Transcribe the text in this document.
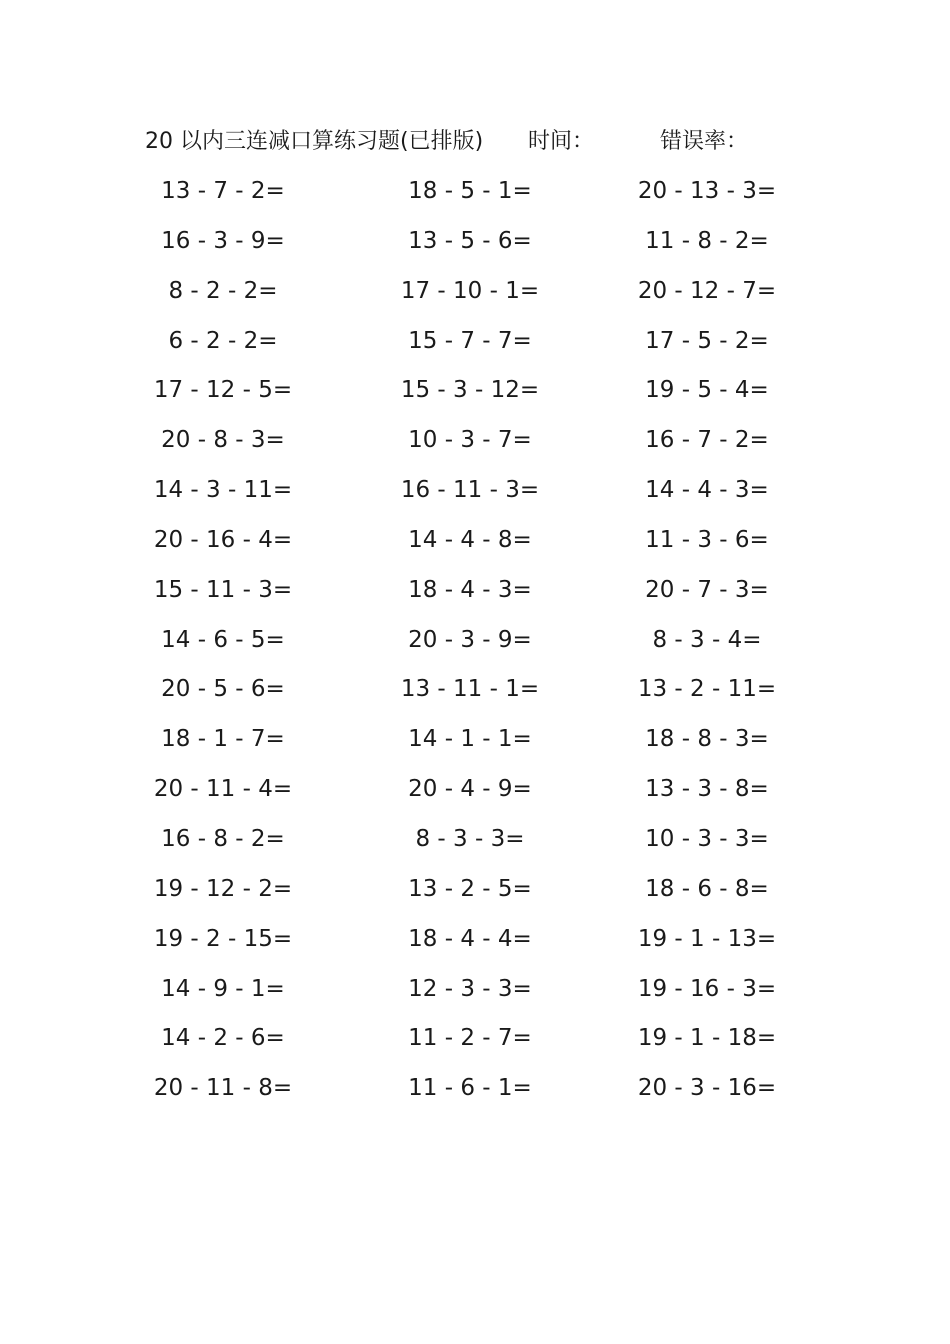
20 以内三连减口算练习题(已排版) 时间：	错误率：
13 - 7 - 2=	18 - 5 - 1=	20 - 13 - 3=
16 - 3 - 9=	13 - 5 - 6=	11 - 8 - 2=
8 - 2 - 2=	17 - 10 - 1=	20 - 12 - 7=
6 - 2 - 2=	15 - 7 - 7=	17 - 5 - 2=
17 - 12 - 5=	15 - 3 - 12=	19 - 5 - 4=
20 - 8 - 3=	10 - 3 - 7=	16 - 7 - 2=
14 - 3 - 11=	16 - 11 - 3=	14 - 4 - 3=
20 - 16 - 4=	14 - 4 - 8=	11 - 3 - 6=
15 - 11 - 3=	18 - 4 - 3=	20 - 7 - 3=
14 - 6 - 5=	20 - 3 - 9=	8 - 3 - 4=
20 - 5 - 6=	13 - 11 - 1=	13 - 2 - 11=
18 - 1 - 7=	14 - 1 - 1=	18 - 8 - 3=
20 - 11 - 4=	20 - 4 - 9=	13 - 3 - 8=
16 - 8 - 2=	8 - 3 - 3=	10 - 3 - 3=
19 - 12 - 2=	13 - 2 - 5=	18 - 6 - 8=
19 - 2 - 15=	18 - 4 - 4=	19 - 1 - 13=
14 - 9 - 1=	12 - 3 - 3=	19 - 16 - 3=
14 - 2 - 6=	11 - 2 - 7=	19 - 1 - 18=
20 - 11 - 8=	11 - 6 - 1=	20 - 3 - 16=
